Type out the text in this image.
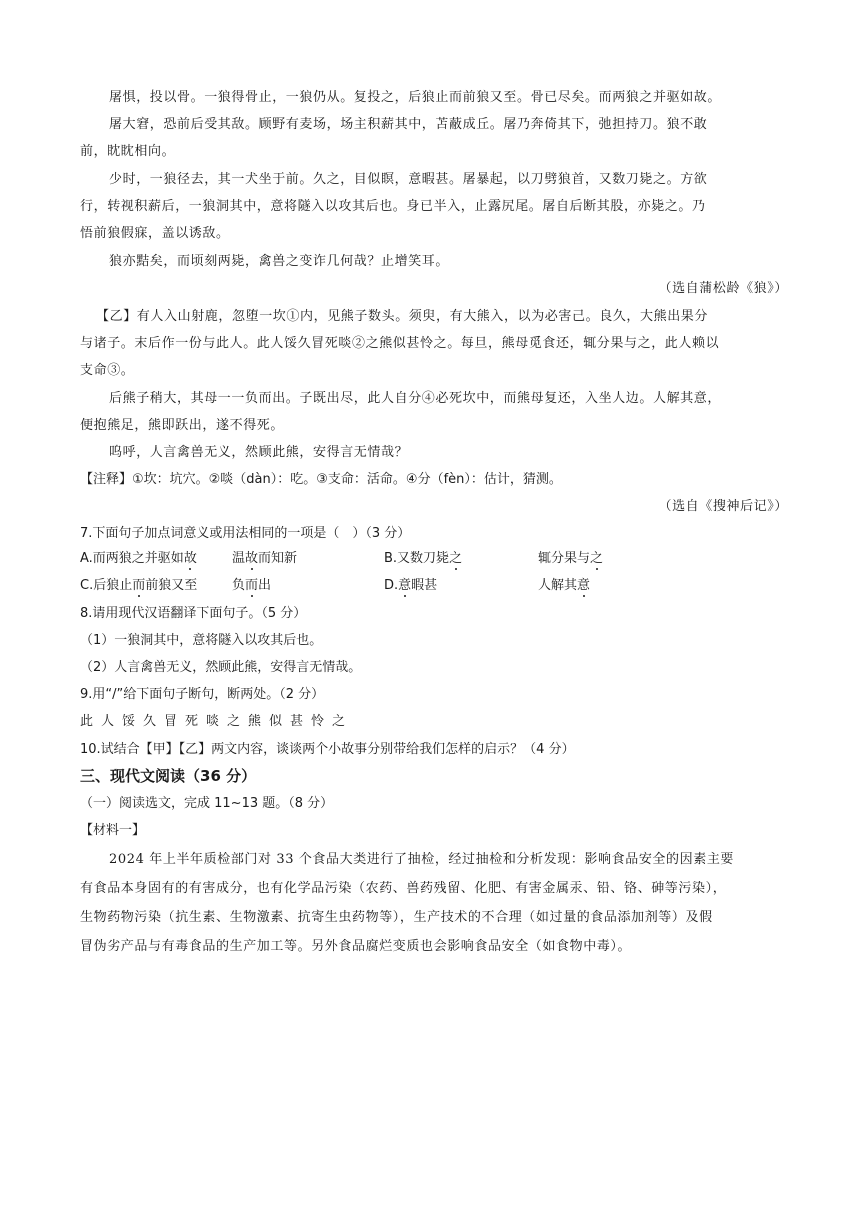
屠惧，投以骨。一狼得骨止，一狼仍从。复投之，后狼止而前狼又至。骨已尽矣。而两狼之并驱如故。
屠大窘，恐前后受其敌。顾野有麦场，场主积薪其中，苫蔽成丘。屠乃奔倚其下，弛担持刀。狼不敢
前，眈眈相向。
少时，一狼径去，其一犬坐于前。久之，目似瞑，意暇甚。屠暴起，以刀劈狼首，又数刀毙之。方欲
行，转视积薪后，一狼洞其中，意将隧入以攻其后也。身已半入，止露尻尾。屠自后断其股，亦毙之。乃
悟前狼假寐，盖以诱敌。
狼亦黠矣，而顷刻两毙，禽兽之变诈几何哉？止增笑耳。
（选自蒲松龄《狼》）
【乙】有人入山射鹿，忽堕一坎①内，见熊子数头。须臾，有大熊入，以为必害己。良久，大熊出果分
与诸子。末后作一份与此人。此人馁久冒死啖②之熊似甚怜之。每旦，熊母觅食还，辄分果与之，此人赖以
支命③。
后熊子稍大，其母一一负而出。子既出尽，此人自分④必死坎中，而熊母复还，入坐人边。人解其意，
便抱熊足，熊即跃出，遂不得死。
呜呼，人言禽兽无义，然顾此熊，安得言无情哉？
【注释】①坎：坑穴。②啖（dàn）：吃。③支命：活命。④分（fèn）：估计，猜测。
（选自《搜神后记》）
7.下面句子加点词意义或用法相同的一项是（　）（3 分）
A.而两狼之并驱如故	温故而知新	B.又数刀毙之	辄分果与之
C.后狼止而前狼又至	负而出	D.意暇甚	人解其意
8.请用现代汉语翻译下面句子。（5 分）
（1）一狼洞其中，意将隧入以攻其后也。
（2）人言禽兽无义，然顾此熊，安得言无情哉。
9.用“/”给下面句子断句，断两处。（2 分）
此人馁久冒死啖之熊似甚怜之
10.试结合【甲】【乙】两文内容，谈谈两个小故事分别带给我们怎样的启示？（4 分）
三、现代文阅读（36 分）
（一）阅读选文，完成 11~13 题。（8 分）
【材料一】
2024 年上半年质检部门对 33 个食品大类进行了抽检，经过抽检和分析发现：影响食品安全的因素主要
有食品本身固有的有害成分，也有化学品污染（农药、兽药残留、化肥、有害金属汞、铅、铬、砷等污染），
生物药物污染（抗生素、生物激素、抗寄生虫药物等），生产技术的不合理（如过量的食品添加剂等）及假
冒伪劣产品与有毒食品的生产加工等。另外食品腐烂变质也会影响食品安全（如食物中毒）。
